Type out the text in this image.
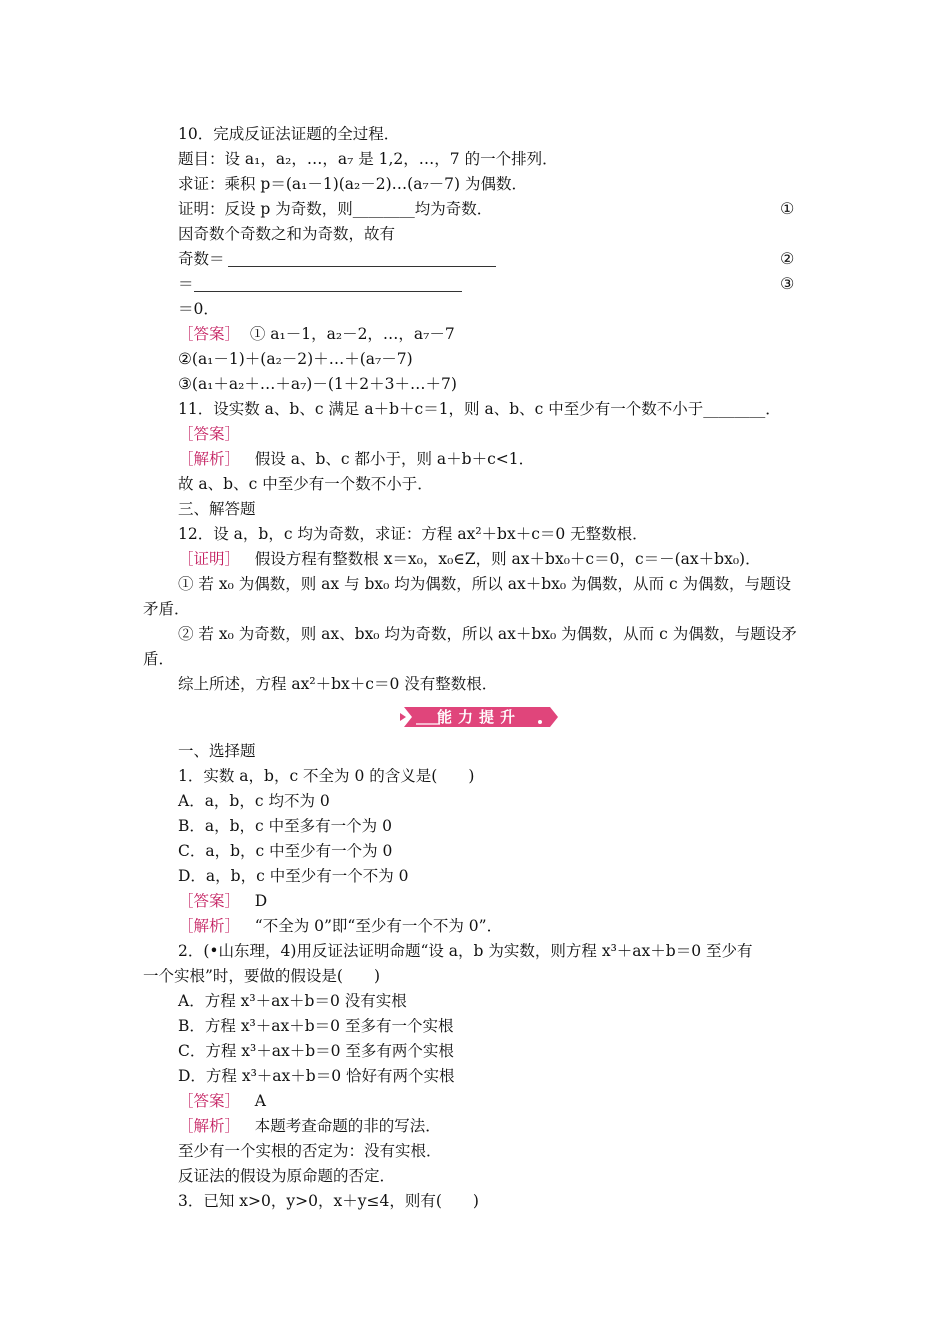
10．完成反证法证题的全过程．
题目：设 a₁，a₂，…，a₇ 是 1,2，…，7 的一个排列．
求证：乘积 p＝(a₁－1)(a₂－2)…(a₇－7) 为偶数．
证明：反设 p 为奇数，则________均为奇数．	①
因奇数个奇数之和为奇数，故有
奇数＝	②
＝	③
＝0．
［答案］ ① a₁－1，a₂－2，…，a₇－7
②(a₁－1)＋(a₂－2)＋…＋(a₇－7)
③(a₁＋a₂＋…＋a₇)－(1＋2＋3＋…＋7)
11．设实数 a、b、c 满足 a＋b＋c＝1，则 a、b、c 中至少有一个数不小于________．
［答案］
［解析］ 假设 a、b、c 都小于，则 a＋b＋c<1．
故 a、b、c 中至少有一个数不小于．
三、解答题
12．设 a，b，c 均为奇数，求证：方程 ax²＋bx＋c＝0 无整数根．
［证明］ 假设方程有整数根 x＝x₀，x₀∈Z，则 ax＋bx₀＋c＝0，c＝－(ax＋bx₀)．
① 若 x₀ 为偶数，则 ax 与 bx₀ 均为偶数，所以 ax＋bx₀ 为偶数，从而 c 为偶数，与题设
矛盾．
② 若 x₀ 为奇数，则 ax、bx₀ 均为奇数，所以 ax＋bx₀ 为偶数，从而 c 为偶数，与题设矛
盾．
综上所述，方程 ax²＋bx＋c＝0 没有整数根．
能力提升
一、选择题
1．实数 a，b，c 不全为 0 的含义是(　　)
A．a，b，c 均不为 0
B．a，b，c 中至多有一个为 0
C．a，b，c 中至少有一个为 0
D．a，b，c 中至少有一个不为 0
［答案］ D
［解析］ “不全为 0”即“至少有一个不为 0”．
2．(•山东理，4)用反证法证明命题“设 a，b 为实数，则方程 x³＋ax＋b＝0 至少有
一个实根”时，要做的假设是(　　)
A．方程 x³＋ax＋b＝0 没有实根
B．方程 x³＋ax＋b＝0 至多有一个实根
C．方程 x³＋ax＋b＝0 至多有两个实根
D．方程 x³＋ax＋b＝0 恰好有两个实根
［答案］ A
［解析］ 本题考查命题的非的写法．
至少有一个实根的否定为：没有实根．
反证法的假设为原命题的否定．
3．已知 x>0，y>0，x＋y≤4，则有(　　)
